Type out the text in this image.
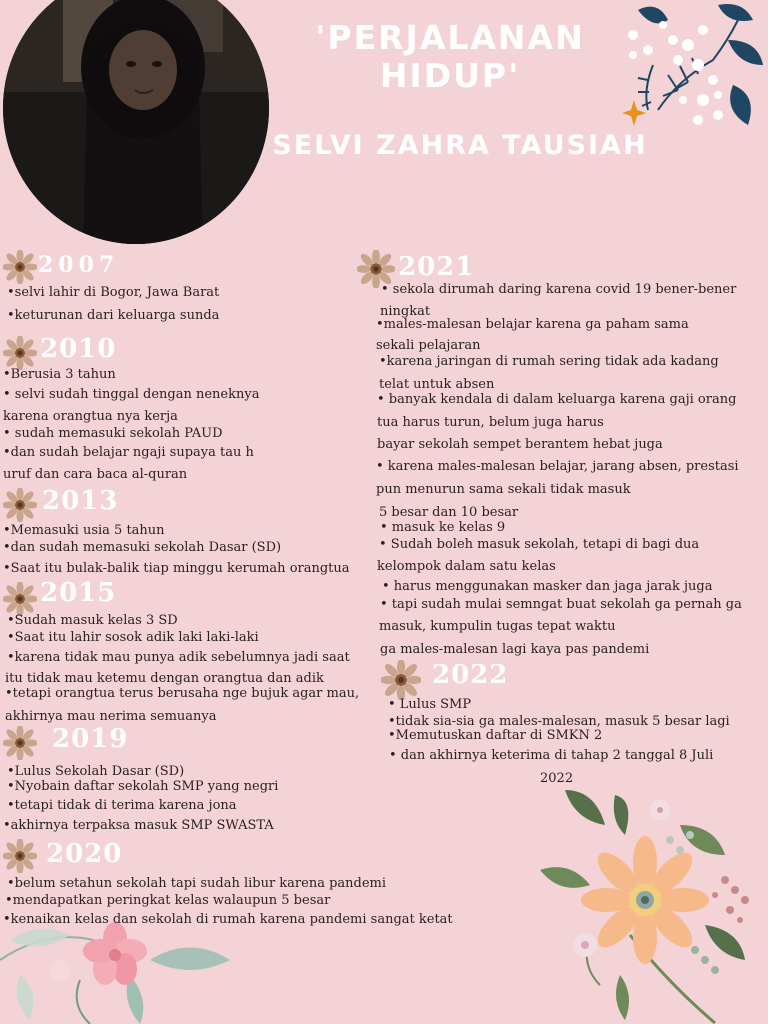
'PERJALANAN
HIDUP'
SELVI ZAHRA TAUSIAH
2007
•selvi lahir di Bogor, Jawa Barat
•keturunan dari keluarga sunda
2010
•Berusia 3 tahun
• selvi sudah tinggal dengan neneknya
karena orangtua nya kerja
• sudah memasuki sekolah PAUD
•dan sudah belajar ngaji supaya tau h
uruf dan cara baca al-quran
2013
•Memasuki usia 5 tahun
•dan sudah memasuki sekolah Dasar (SD)
•Saat itu bulak-balik tiap minggu kerumah orangtua
2015
•Sudah masuk kelas 3 SD
•Saat itu lahir sosok adik laki laki-laki
•karena tidak mau punya adik sebelumnya jadi saat
itu tidak mau ketemu dengan orangtua dan adik
•tetapi orangtua terus berusaha nge bujuk agar mau,
akhirnya mau nerima semuanya
2019
•Lulus Sekolah Dasar (SD)
•Nyobain daftar sekolah SMP yang negri
•tetapi tidak di terima karena jona
•akhirnya terpaksa masuk SMP SWASTA
2020
•belum setahun sekolah tapi sudah libur karena pandemi
•mendapatkan peringkat kelas walaupun 5 besar
•kenaikan kelas dan sekolah di rumah karena pandemi sangat ketat
2021
• sekola dirumah daring karena covid 19 bener-bener
ningkat
•males-malesan belajar karena ga paham sama
sekali pelajaran
•karena jaringan di rumah sering tidak ada kadang
telat untuk absen
• banyak kendala di dalam keluarga karena gaji orang
tua harus turun, belum juga harus
bayar sekolah sempet berantem hebat juga
• karena males-malesan belajar, jarang absen, prestasi
pun menurun sama sekali tidak masuk
5 besar dan 10 besar
• masuk ke kelas 9
• Sudah boleh masuk sekolah, tetapi di bagi dua
kelompok dalam satu kelas
• harus menggunakan masker dan jaga jarak juga
• tapi sudah mulai semngat buat sekolah ga pernah ga
masuk, kumpulin tugas tepat waktu
ga males-malesan lagi kaya pas pandemi
2022
• Lulus SMP
•tidak sia-sia ga males-malesan, masuk 5 besar lagi
•Memutuskan daftar di SMKN 2
• dan akhirnya keterima di tahap 2 tanggal 8 Juli
2022
